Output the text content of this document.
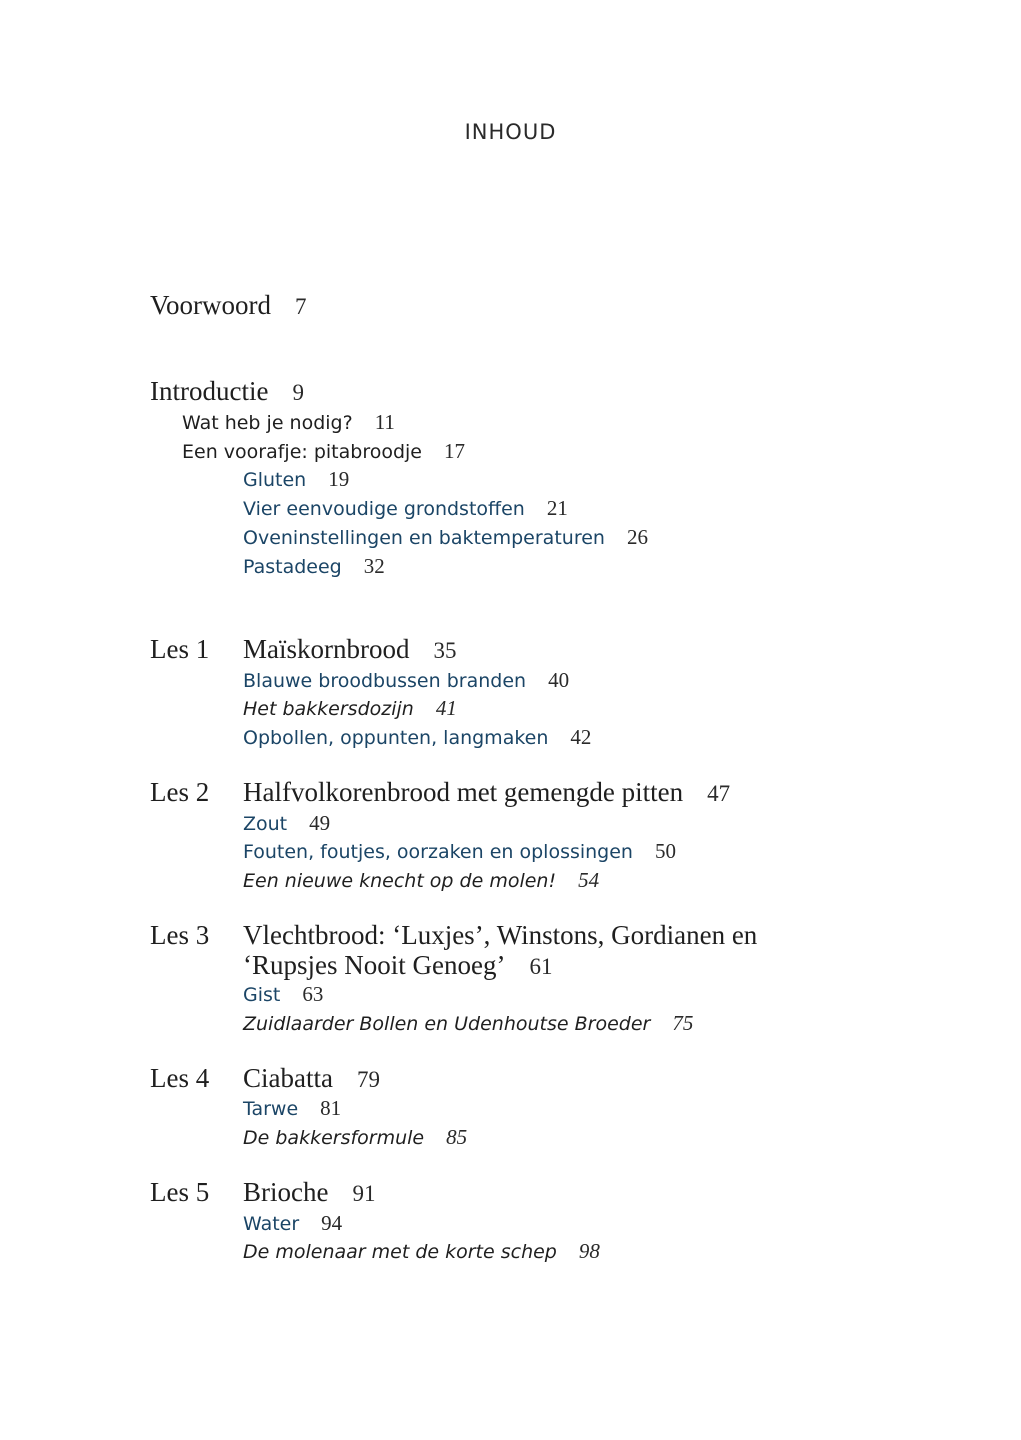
INHOUD
Voorwoord 7
Introductie 9
Wat heb je nodig? 11
Een voorafje: pitabroodje 17
Gluten 19
Vier eenvoudige grondstoffen 21
Oveninstellingen en baktemperaturen 26
Pastadeeg 32
Les 1 Maïskornbrood 35
Blauwe broodbussen branden 40
Het bakkersdozijn 41
Opbollen, oppunten, langmaken 42
Les 2 Halfvolkorenbrood met gemengde pitten 47
Zout 49
Fouten, foutjes, oorzaken en oplossingen 50
Een nieuwe knecht op de molen! 54
Les 3 Vlechtbrood: ‘Luxjes’, Winstons, Gordianen en
‘Rupsjes Nooit Genoeg’ 61
Gist 63
Zuidlaarder Bollen en Udenhoutse Broeder 75
Les 4 Ciabatta 79
Tarwe 81
De bakkersformule 85
Les 5 Brioche 91
Water 94
De molenaar met de korte schep 98
